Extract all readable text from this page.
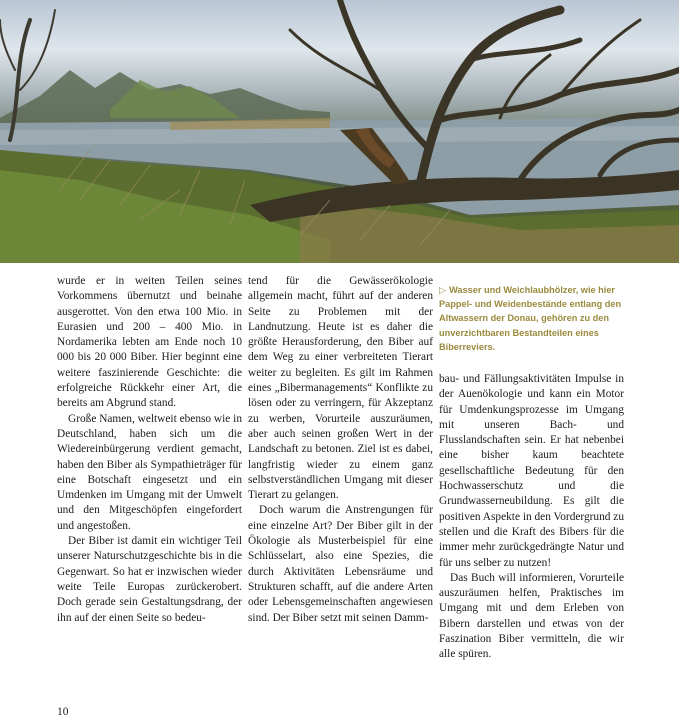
wurde er in weiten Teilen seines Vorkommens übernutzt und beinahe ausgerottet. Von den etwa 100 Mio. in Eurasien und 200 – 400 Mio. in Nordamerika lebten am Ende noch 10 000 bis 20 000 Biber. Hier beginnt eine weitere faszinierende Geschichte: die erfolgreiche Rückkehr einer Art, die bereits am Abgrund stand.

Große Namen, weltweit ebenso wie in Deutschland, haben sich um die Wiedereinbürgerung verdient gemacht, haben den Biber als Sympathieträger für eine Botschaft eingesetzt und ein Umdenken im Umgang mit der Umwelt und den Mitgeschöpfen eingefordert und angestoßen.

Der Biber ist damit ein wichtiger Teil unserer Naturschutzgeschichte bis in die Gegenwart. So hat er inzwischen wieder weite Teile Europas zurückerobert. Doch gerade sein Gestaltungsdrang, der ihn auf der einen Seite so bedeu-

tend für die Gewässerökologie allgemein macht, führt auf der anderen Seite zu Problemen mit der Landnutzung. Heute ist es daher die größte Herausforderung, den Biber auf dem Weg zu einer verbreiteten Tierart weiter zu begleiten. Es gilt im Rahmen eines „Bibermanagements“ Konflikte zu lösen oder zu verringern, für Akzeptanz zu werben, Vorurteile auszuräumen, aber auch seinen großen Wert in der Landschaft zu betonen. Ziel ist es dabei, langfristig wieder zu einem ganz selbstverständlichen Umgang mit dieser Tierart zu gelangen.

Doch warum die Anstrengungen für eine einzelne Art? Der Biber gilt in der Ökologie als Musterbeispiel für eine Schlüsselart, also eine Spezies, die durch Aktivitäten Lebensräume und Strukturen schafft, auf die andere Arten oder Lebensgemeinschaften angewiesen sind. Der Biber setzt mit seinen Damm-

▷ Wasser und Weichlaubhölzer, wie hier Pappel- und Weidenbestände entlang den Altwassern der Donau, gehören zu den unverzichtbaren Bestandteilen eines Biberreviers.

bau- und Fällungsaktivitäten Impulse in der Auenökologie und kann ein Motor für Umdenkungsprozesse im Umgang mit unseren Bach- und Flusslandschaften sein. Er hat nebenbei eine bisher kaum beachtete gesellschaftliche Bedeutung für den Hochwasserschutz und die Grundwasserneubildung. Es gilt die positiven Aspekte in den Vordergrund zu stellen und die Kraft des Bibers für die immer mehr zurückgedrängte Natur und für uns selber zu nutzen!

Das Buch will informieren, Vorurteile auszuräumen helfen, Praktisches im Umgang mit und dem Erleben von Bibern darstellen und etwas von der Faszination Biber vermitteln, die wir alle spüren.

10
